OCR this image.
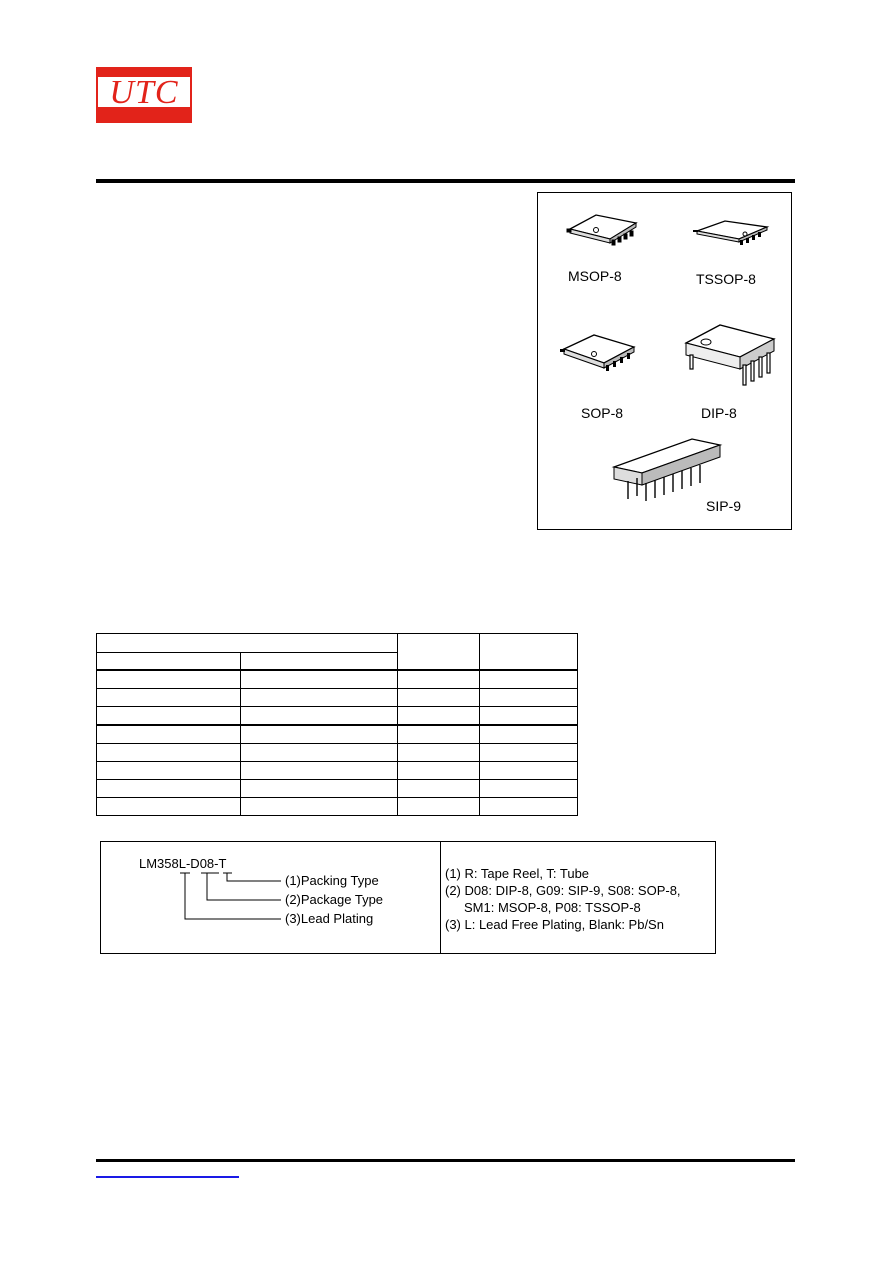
UTC
MSOP-8	TSSOP-8
SOP-8	DIP-8
SIP-9

LM358L-D08-T
(1)Packing Type
(2)Package Type
(3)Lead Plating
(1) R: Tape Reel, T: Tube
(2) D08: DIP-8, G09: SIP-9, S08: SOP-8,
SM1: MSOP-8, P08: TSSOP-8
(3) L: Lead Free Plating, Blank: Pb/Sn
